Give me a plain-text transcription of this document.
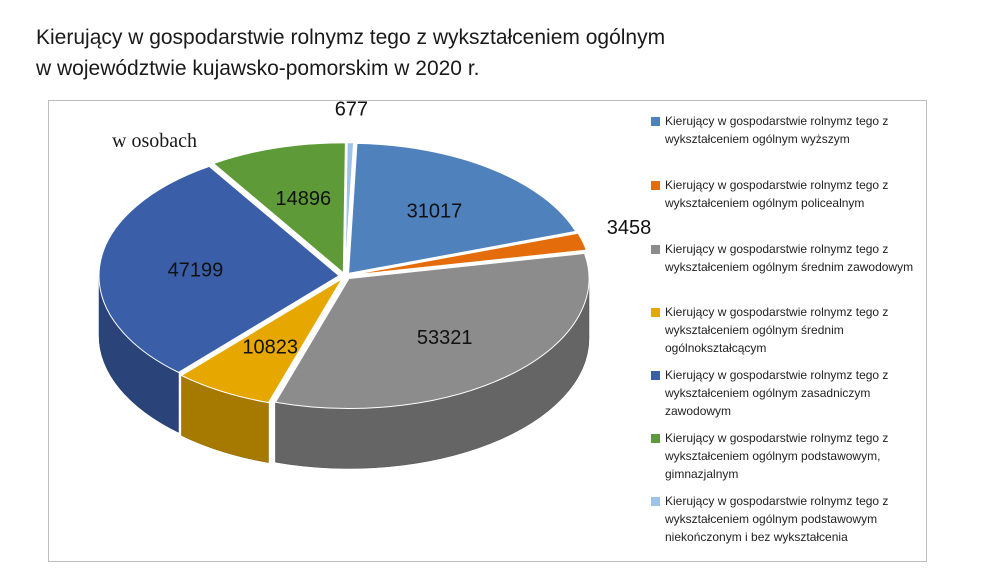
Kierujący w gospodarstwie rolnymz tego z wykształceniem ogólnym
w województwie kujawsko-pomorskim w 2020 r.
31017
3458
53321
10823
47199
14896
677
w osobach
Kierujący w gospodarstwie rolnymz tego z wykształceniem ogólnym wyższym
Kierujący w gospodarstwie rolnymz tego z wykształceniem ogólnym policealnym
Kierujący w gospodarstwie rolnymz tego z wykształceniem ogólnym średnim zawodowym
Kierujący w gospodarstwie rolnymz tego z wykształceniem ogólnym średnim ogólnokształcącym
Kierujący w gospodarstwie rolnymz tego z wykształceniem ogólnym zasadniczym zawodowym
Kierujący w gospodarstwie rolnymz tego z wykształceniem ogólnym podstawowym, gimnazjalnym
Kierujący w gospodarstwie rolnymz tego z wykształceniem ogólnym podstawowym niekończonym i bez wykształcenia
